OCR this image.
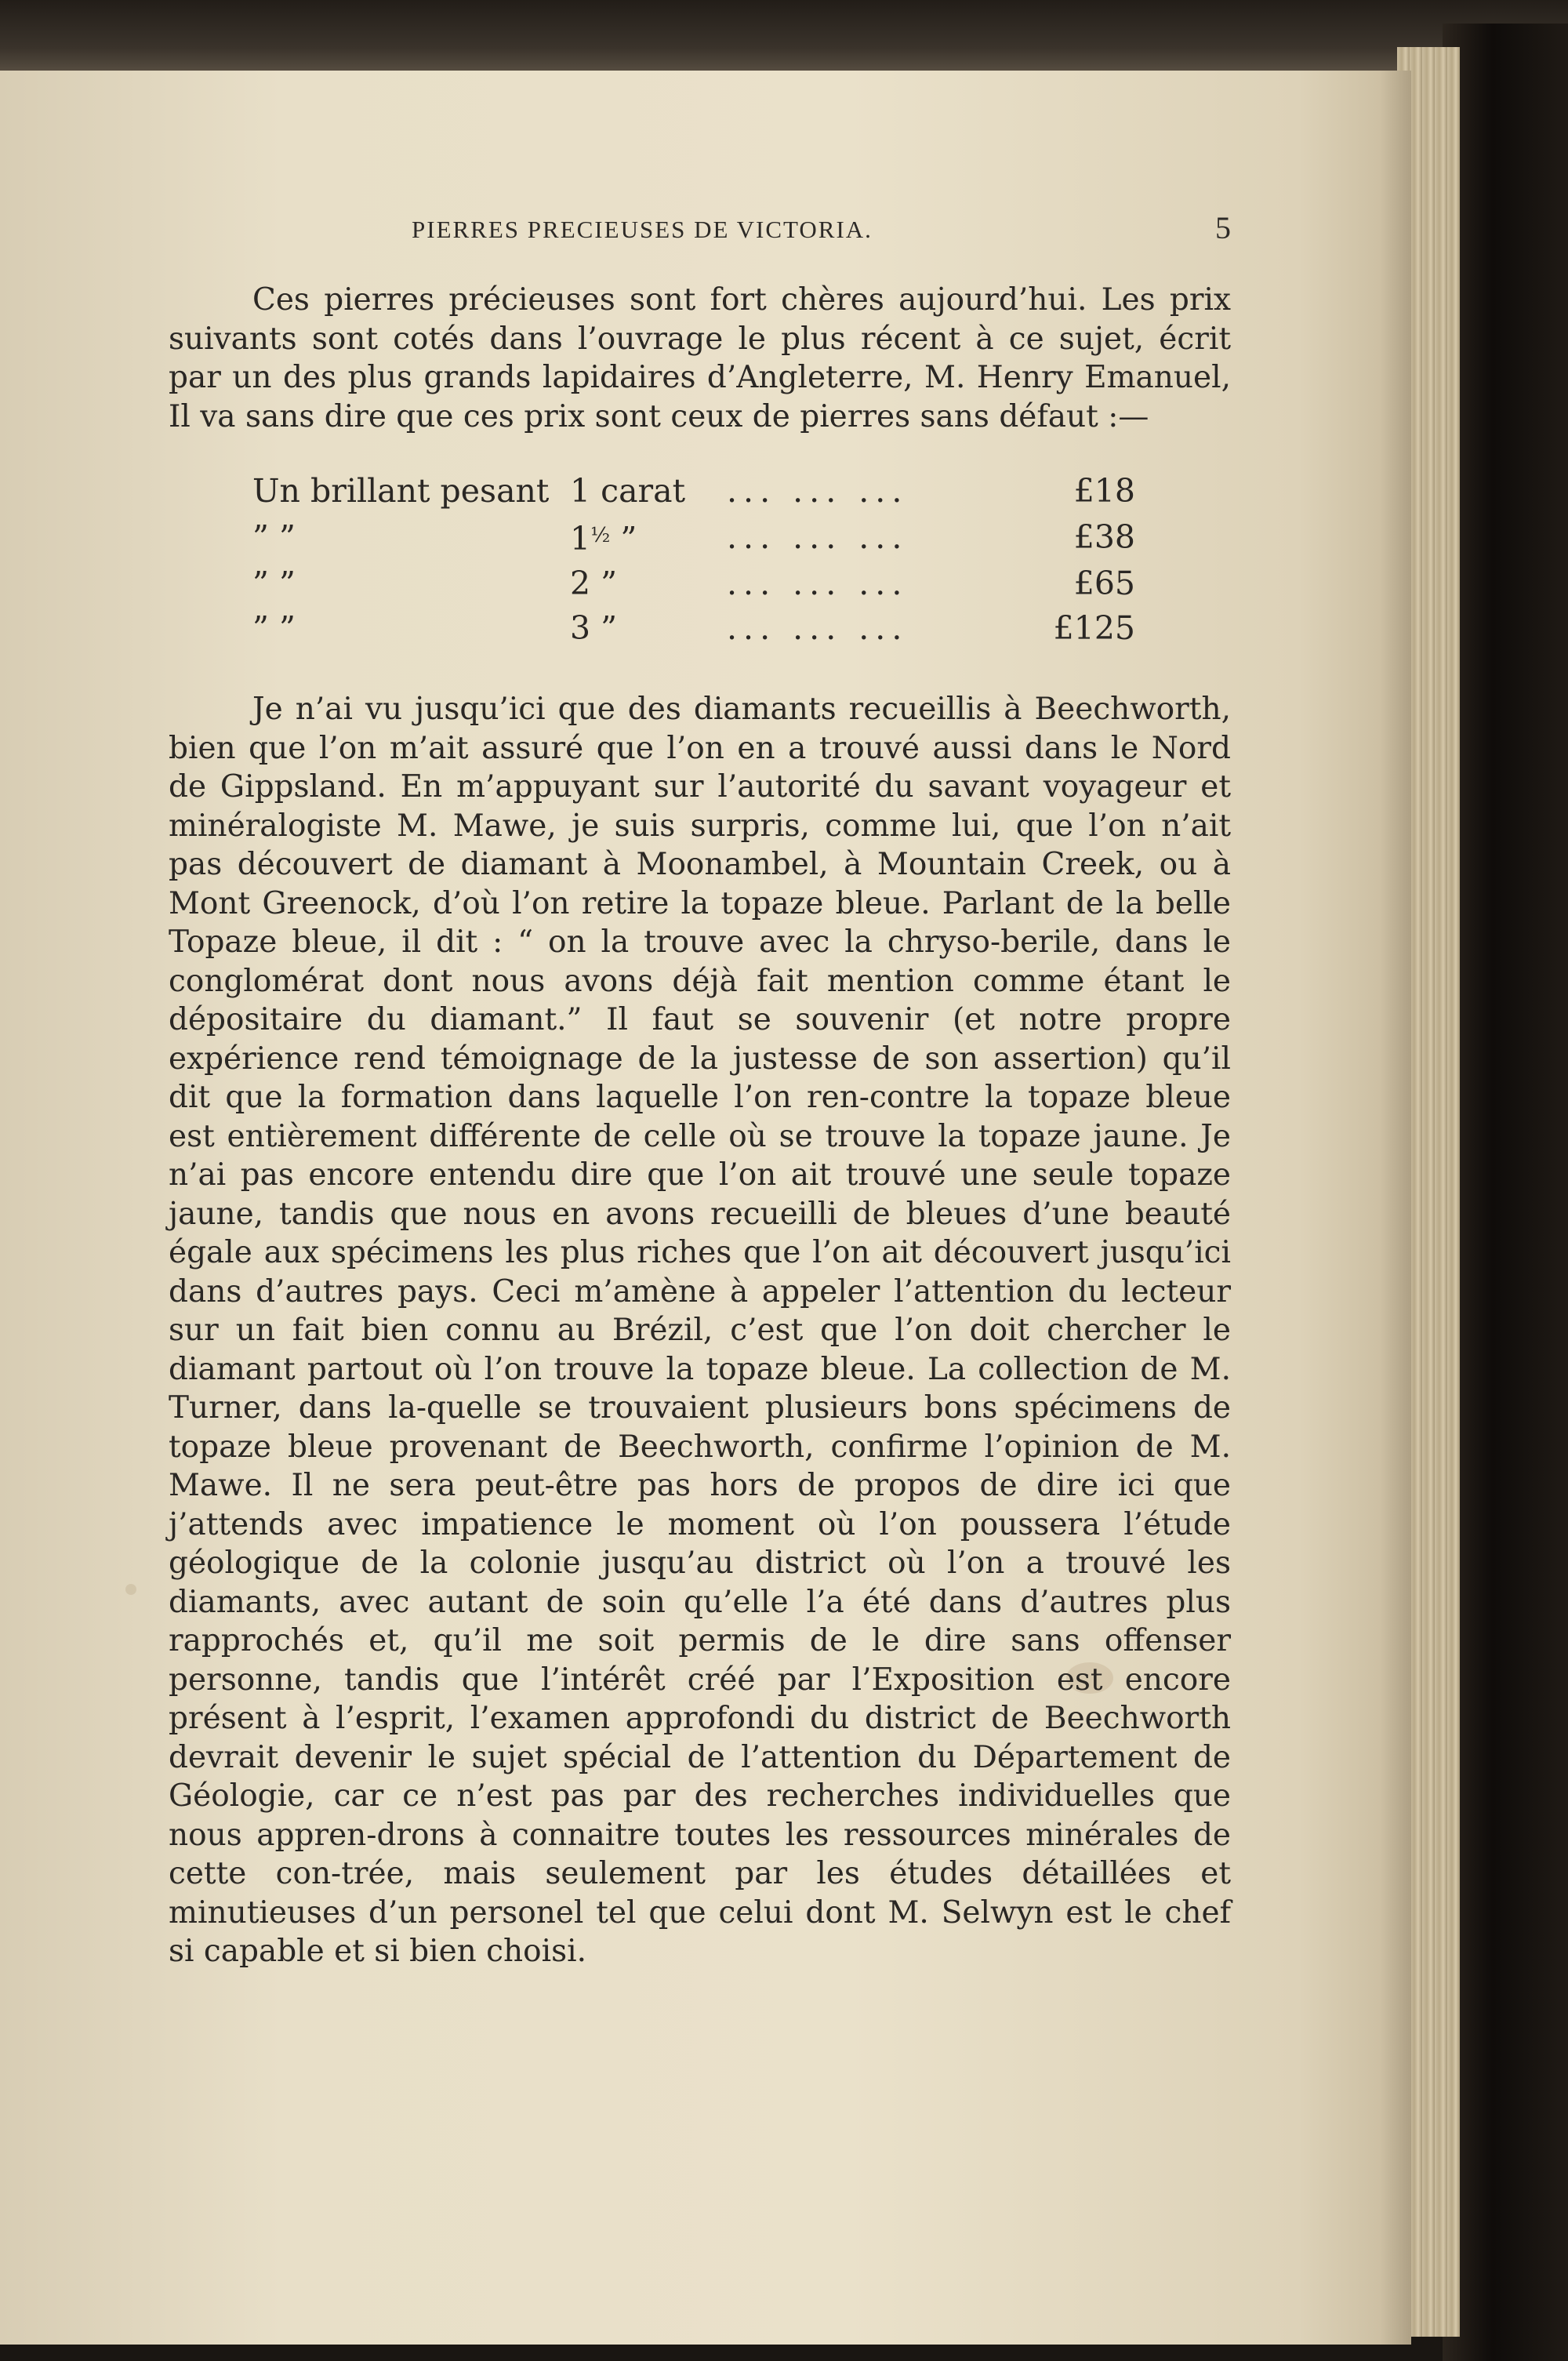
PIERRES PRECIEUSES DE VICTORIA.	5

Ces pierres précieuses sont fort chères aujourd’hui. Les prix suivants sont cotés dans l’ouvrage le plus récent à ce sujet, écrit par un des plus grands lapidaires d’Angleterre, M. Henry Emanuel, Il va sans dire que ces prix sont ceux de pierres sans défaut :—

Un brillant pesant	1 carat	... ... ...	£18
” ”	$1^{\frac{1}{2}}$ ”	... ... ...	£38
” ”	2 ”	... ... ...	£65
” ”	3 ”	... ... ...	£125

Je n’ai vu jusqu’ici que des diamants recueillis à Beechworth, bien que l’on m’ait assuré que l’on en a trouvé aussi dans le Nord de Gippsland. En m’appuyant sur l’autorité du savant voyageur et minéralogiste M. Mawe, je suis surpris, comme lui, que l’on n’ait pas découvert de diamant à Moonambel, à Mountain Creek, ou à Mont Greenock, d’où l’on retire la topaze bleue. Parlant de la belle Topaze bleue, il dit : “ on la trouve avec la chryso-berile, dans le conglomérat dont nous avons déjà fait mention comme étant le dépositaire du diamant.” Il faut se souvenir (et notre propre expérience rend témoignage de la justesse de son assertion) qu’il dit que la formation dans laquelle l’on ren-contre la topaze bleue est entièrement différente de celle où se trouve la topaze jaune. Je n’ai pas encore entendu dire que l’on ait trouvé une seule topaze jaune, tandis que nous en avons recueilli de bleues d’une beauté égale aux spécimens les plus riches que l’on ait découvert jusqu’ici dans d’autres pays. Ceci m’amène à appeler l’attention du lecteur sur un fait bien connu au Brézil, c’est que l’on doit chercher le diamant partout où l’on trouve la topaze bleue. La collection de M. Turner, dans la-quelle se trouvaient plusieurs bons spécimens de topaze bleue provenant de Beechworth, confirme l’opinion de M. Mawe. Il ne sera peut-être pas hors de propos de dire ici que j’attends avec impatience le moment où l’on poussera l’étude géologique de la colonie jusqu’au district où l’on a trouvé les diamants, avec autant de soin qu’elle l’a été dans d’autres plus rapprochés et, qu’il me soit permis de le dire sans offenser personne, tandis que l’intérêt créé par l’Exposition est encore présent à l’esprit, l’examen approfondi du district de Beechworth devrait devenir le sujet spécial de l’attention du Département de Géologie, car ce n’est pas par des recherches individuelles que nous appren-drons à connaitre toutes les ressources minérales de cette con-trée, mais seulement par les études détaillées et minutieuses d’un personel tel que celui dont M. Selwyn est le chef si capable et si bien choisi.
